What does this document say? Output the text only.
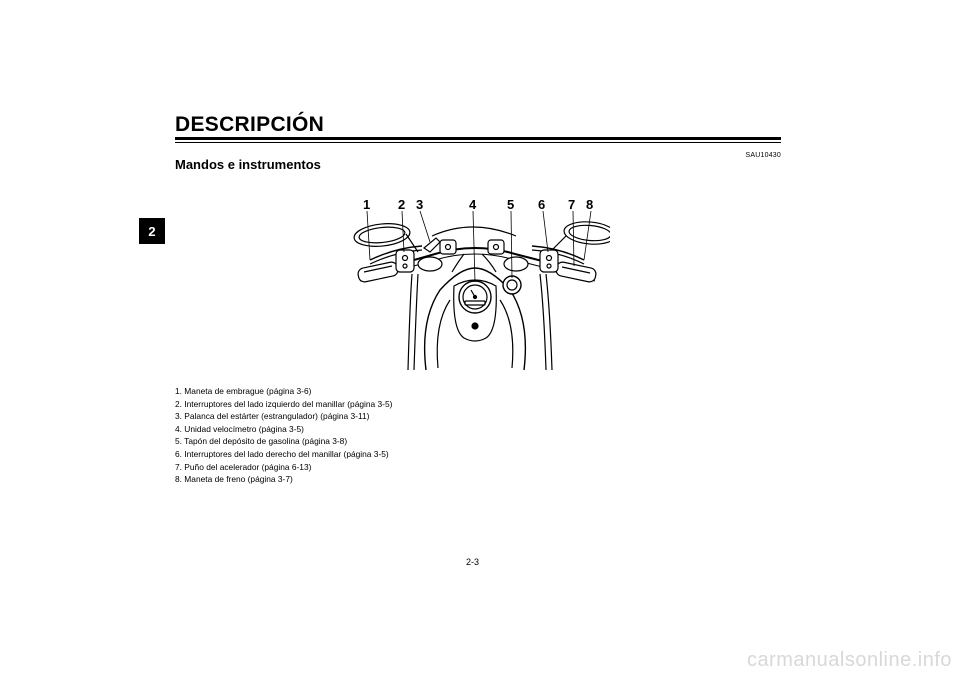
DESCRIPCIÓN
2
SAU10430
Mandos e instrumentos
1 2 3	4 5 6 7 8
1. Maneta de embrague (página 3-6)
2. Interruptores del lado izquierdo del manillar (página 3-5)
3. Palanca del estárter (estrangulador) (página 3-11)
4. Unidad velocímetro (página 3-5)
5. Tapón del depósito de gasolina (página 3-8)
6. Interruptores del lado derecho del manillar (página 3-5)
7. Puño del acelerador (página 6-13)
8. Maneta de freno (página 3-7)
2-3
carmanualsonline.info
